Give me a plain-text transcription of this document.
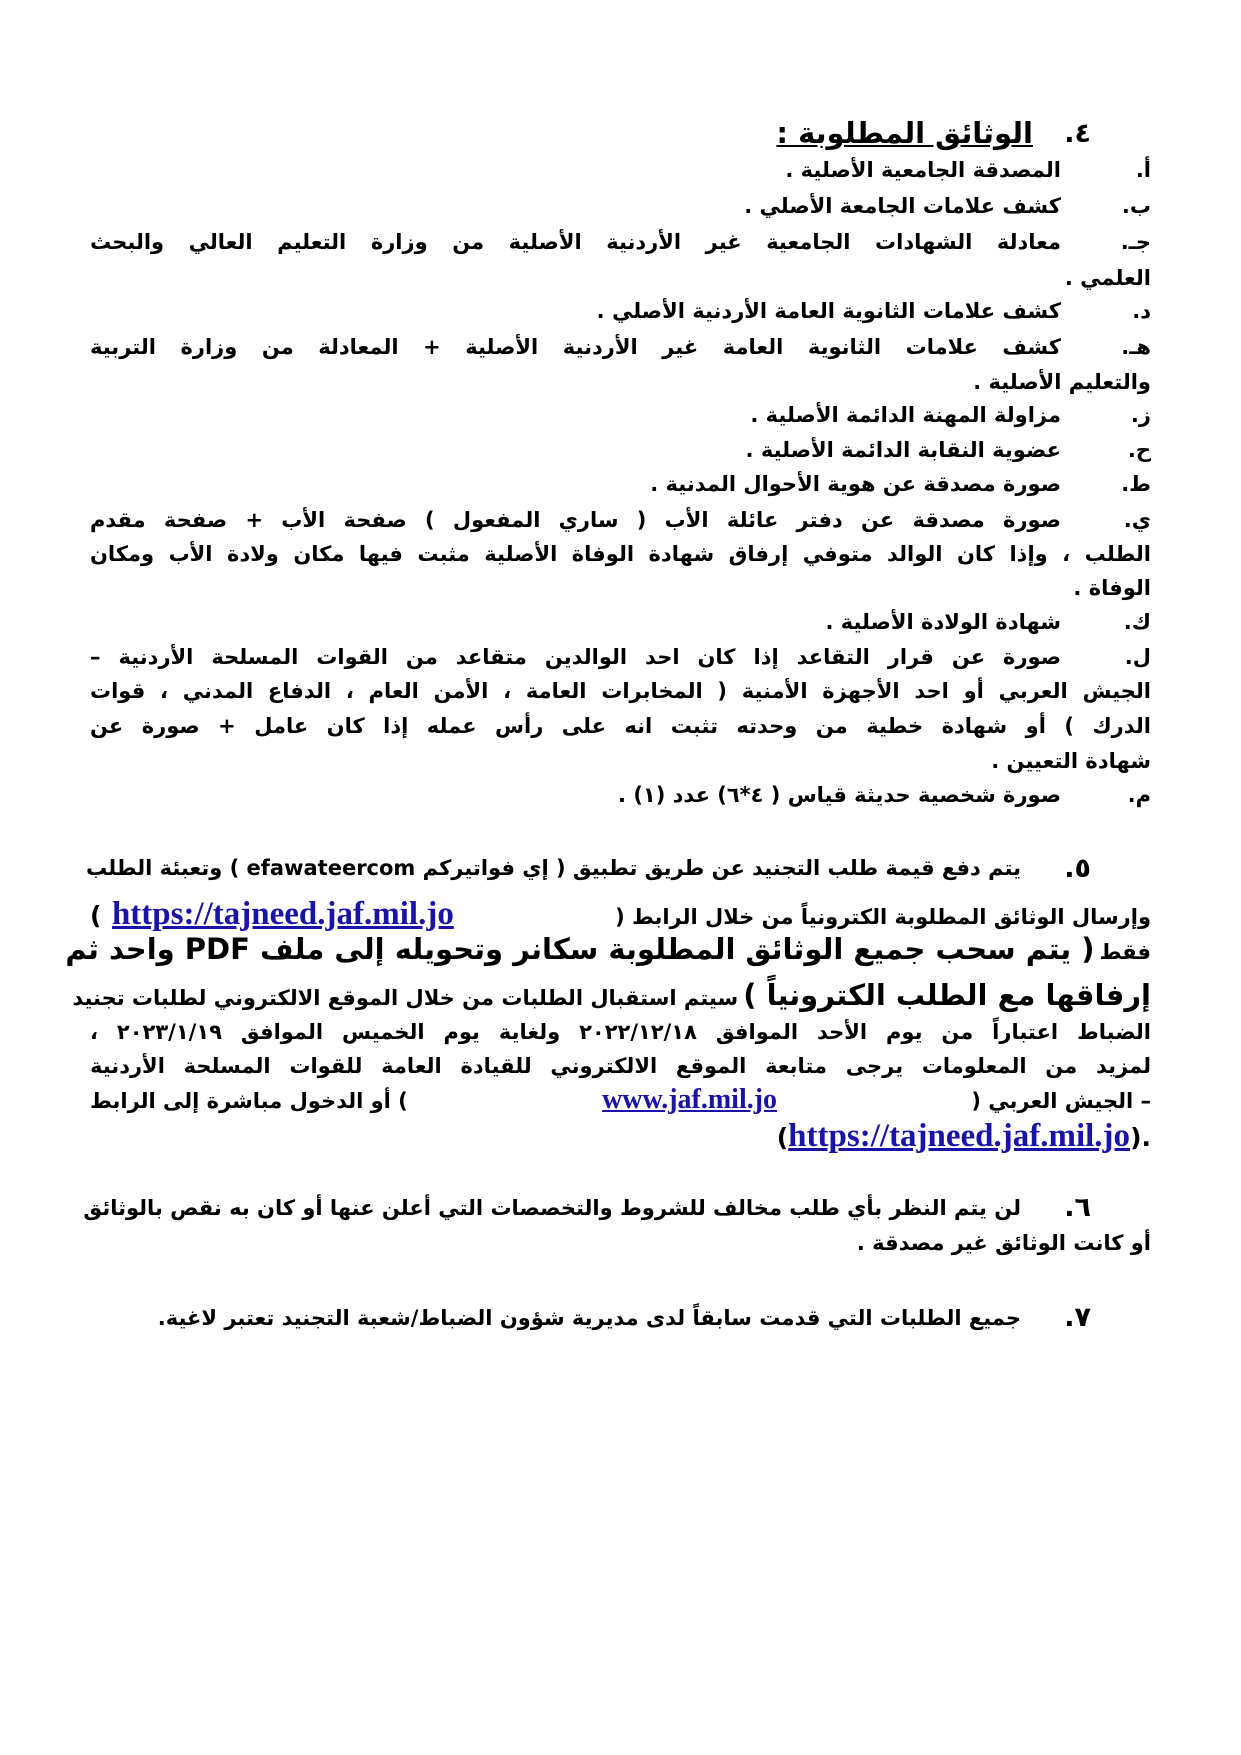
٤.
الوثائق المطلوبة :
أ.
المصدقة الجامعية الأصلية .
ب.
كشف علامات الجامعة الأصلي .
جـ.
معادلة الشهادات الجامعية غير الأردنية الأصلية من وزارة التعليم العالي والبحث
العلمي .
د.
كشف علامات الثانوية العامة الأردنية الأصلي .
هـ.
كشف علامات الثانوية العامة غير الأردنية الأصلية + المعادلة من وزارة التربية
والتعليم الأصلية .
ز.
مزاولة المهنة الدائمة الأصلية .
ح.
عضوية النقابة الدائمة الأصلية .
ط.
صورة مصدقة عن هوية الأحوال المدنية .
ي.
صورة مصدقة عن دفتر عائلة الأب ( ساري المفعول ) صفحة الأب + صفحة مقدم
الطلب ، وإذا كان الوالد متوفي إرفاق شهادة الوفاة الأصلية مثبت فيها مكان ولادة الأب ومكان
الوفاة .
ك.
شهادة الولادة الأصلية .
ل.
صورة عن قرار التقاعد إذا كان احد الوالدين متقاعد من القوات المسلحة الأردنية –
الجيش العربي أو احد الأجهزة الأمنية ( المخابرات العامة ، الأمن العام ، الدفاع المدني ، قوات
الدرك ) أو شهادة خطية من وحدته تثبت انه على رأس عمله إذا كان عامل + صورة عن
شهادة التعيين .
م.
صورة شخصية حديثة قياس ( ٤*٦) عدد (١) .
٥.
يتم دفع قيمة طلب التجنيد عن طريق تطبيق ( إي فواتيركم efawateercom ) وتعبئة الطلب
وإرسال الوثائق المطلوبة الكترونياً من خلال الرابط (
https://tajneed.jaf.mil.jo )
فقط ( يتم سحب جميع الوثائق المطلوبة سكانر وتحويله إلى ملف PDF واحد ثم
إرفاقها مع الطلب الكترونياً ) سيتم استقبال الطلبات من خلال الموقع الالكتروني لطلبات تجنيد
الضباط اعتباراً من يوم الأحد الموافق ٢٠٢٢/١٢/١٨ ولغاية يوم الخميس الموافق ٢٠٢٣/١/١٩ ،
لمزيد من المعلومات يرجى متابعة الموقع الالكتروني للقيادة العامة للقوات المسلحة الأردنية
– الجيش العربي (
www.jaf.mil.jo
) أو الدخول مباشرة إلى الرابط
(https://tajneed.jaf.mil.jo).
٦.
لن يتم النظر بأي طلب مخالف للشروط والتخصصات التي أعلن عنها أو كان به نقص بالوثائق
أو كانت الوثائق غير مصدقة .
٧.
جميع الطلبات التي قدمت سابقاً لدى مديرية شؤون الضباط/شعبة التجنيد تعتبر لاغية.
